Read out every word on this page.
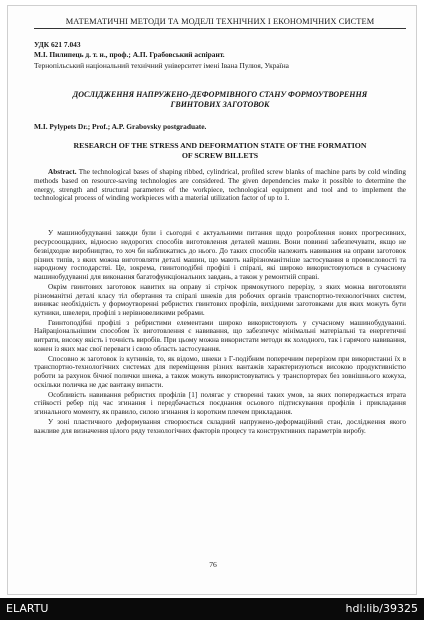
МАТЕМАТИЧНІ МЕТОДИ ТА МОДЕЛІ ТЕХНІЧНИХ І ЕКОНОМІЧНИХ СИСТЕМ
УДК 621 7.043
М.І. Пилипець д. т. н., проф.; А.П. Грабовський аспірант.
Тернопільський національний технічний університет імені Івана Пулюя, Україна
ДОСЛІДЖЕННЯ НАПРУЖЕНО-ДЕФОРМІВНОГО СТАНУ ФОРМОУТВОРЕННЯ ГВИНТОВИХ ЗАГОТОВОК
M.I. Pylypets Dr.; Prof.; A.P. Grabovsky postgraduate.
RESEARCH OF THE STRESS AND DEFORMATION STATE OF THE FORMATION OF SCREW BILLETS
Abstract. The technological bases of shaping ribbed, cylindrical, profiled screw blanks of machine parts by cold winding methods based on resource-saving technologies are considered. The given dependencies make it possible to determine the energy, strength and structural parameters of the workpiece, technological equipment and tool and to implement the technological process of winding workpieces with a material utilization factor of up to 1.

У машинобудуванні завжди були і сьогодні є актуальними питання щодо розроблення нових прогресивних, ресурсоощадних, відносно недорогих способів виготовлення деталей машин. Вони повинні забезпечувати, якщо не безвідходне виробництво, то хоч би наближатись до нього. До таких способів належить навивання на оправи заготовок різних типів, з яких можна виготовляти деталі машин, що мають найрізноманітніше застосування в промисловості та народному господарстві. Це, зокрема, гвинтоподібні профілі і спіралі, які широко використовуються в сучасному машинобудуванні для виконання багатофункціональних завдань, а також у ремонтній справі.

Окрім гвинтових заготовок навитих на оправу зі стрічок прямокутного перерізу, з яких можна виготовляти різноманітні деталі класу тіл обертання та спіралі шнеків для робочих органів транспортно-технологічних систем, виникає необхідність у формоутворенні ребристих гвинтових профілів, вихідними заготовками для яких можуть бути кутники, швелери, профілі з нерівновеликими ребрами.

Гвинтоподібні профілі з ребристими елементами широко використовують у сучасному машинобудуванні. Найраціональнішим способом їх виготовлення є навивання, що забезпечує мінімальні матеріальні та енергетичні витрати, високу якість і точність виробів. При цьому можна використати методи як холодного, так і гарячого навивання, кожен із яких має свої переваги і свою область застосування.

Спосовно ж заготовок із кутників, то, як відомо, шнеки з Г-подібним поперечним перерізом при використанні їх в транспортно-технологічних системах для переміщення різних вантажів характеризуються високою продуктивністю роботи за рахунок бічної полички шнека, а також можуть використовуватись у транспортерах без зовнішнього кожуха, оскільки поличка не дає вантажу випасти.

Особливість навивання ребристих профілів [1] полягає у створенні таких умов, за яких попереджається втрата стійкості ребер під час згинання і передбачається поєднання осьового підтискування профілів і прикладання згинального моменту, як правило, силою згинання із коротким плечем прикладання.

У зоні пластичного деформування створюється складний напружено-деформаційний стан, дослідження якого важливе для визначення цілого ряду технологічних факторів процесу та конструктивних параметрів виробу.

76
ELARTU	hdl:lib/39325
